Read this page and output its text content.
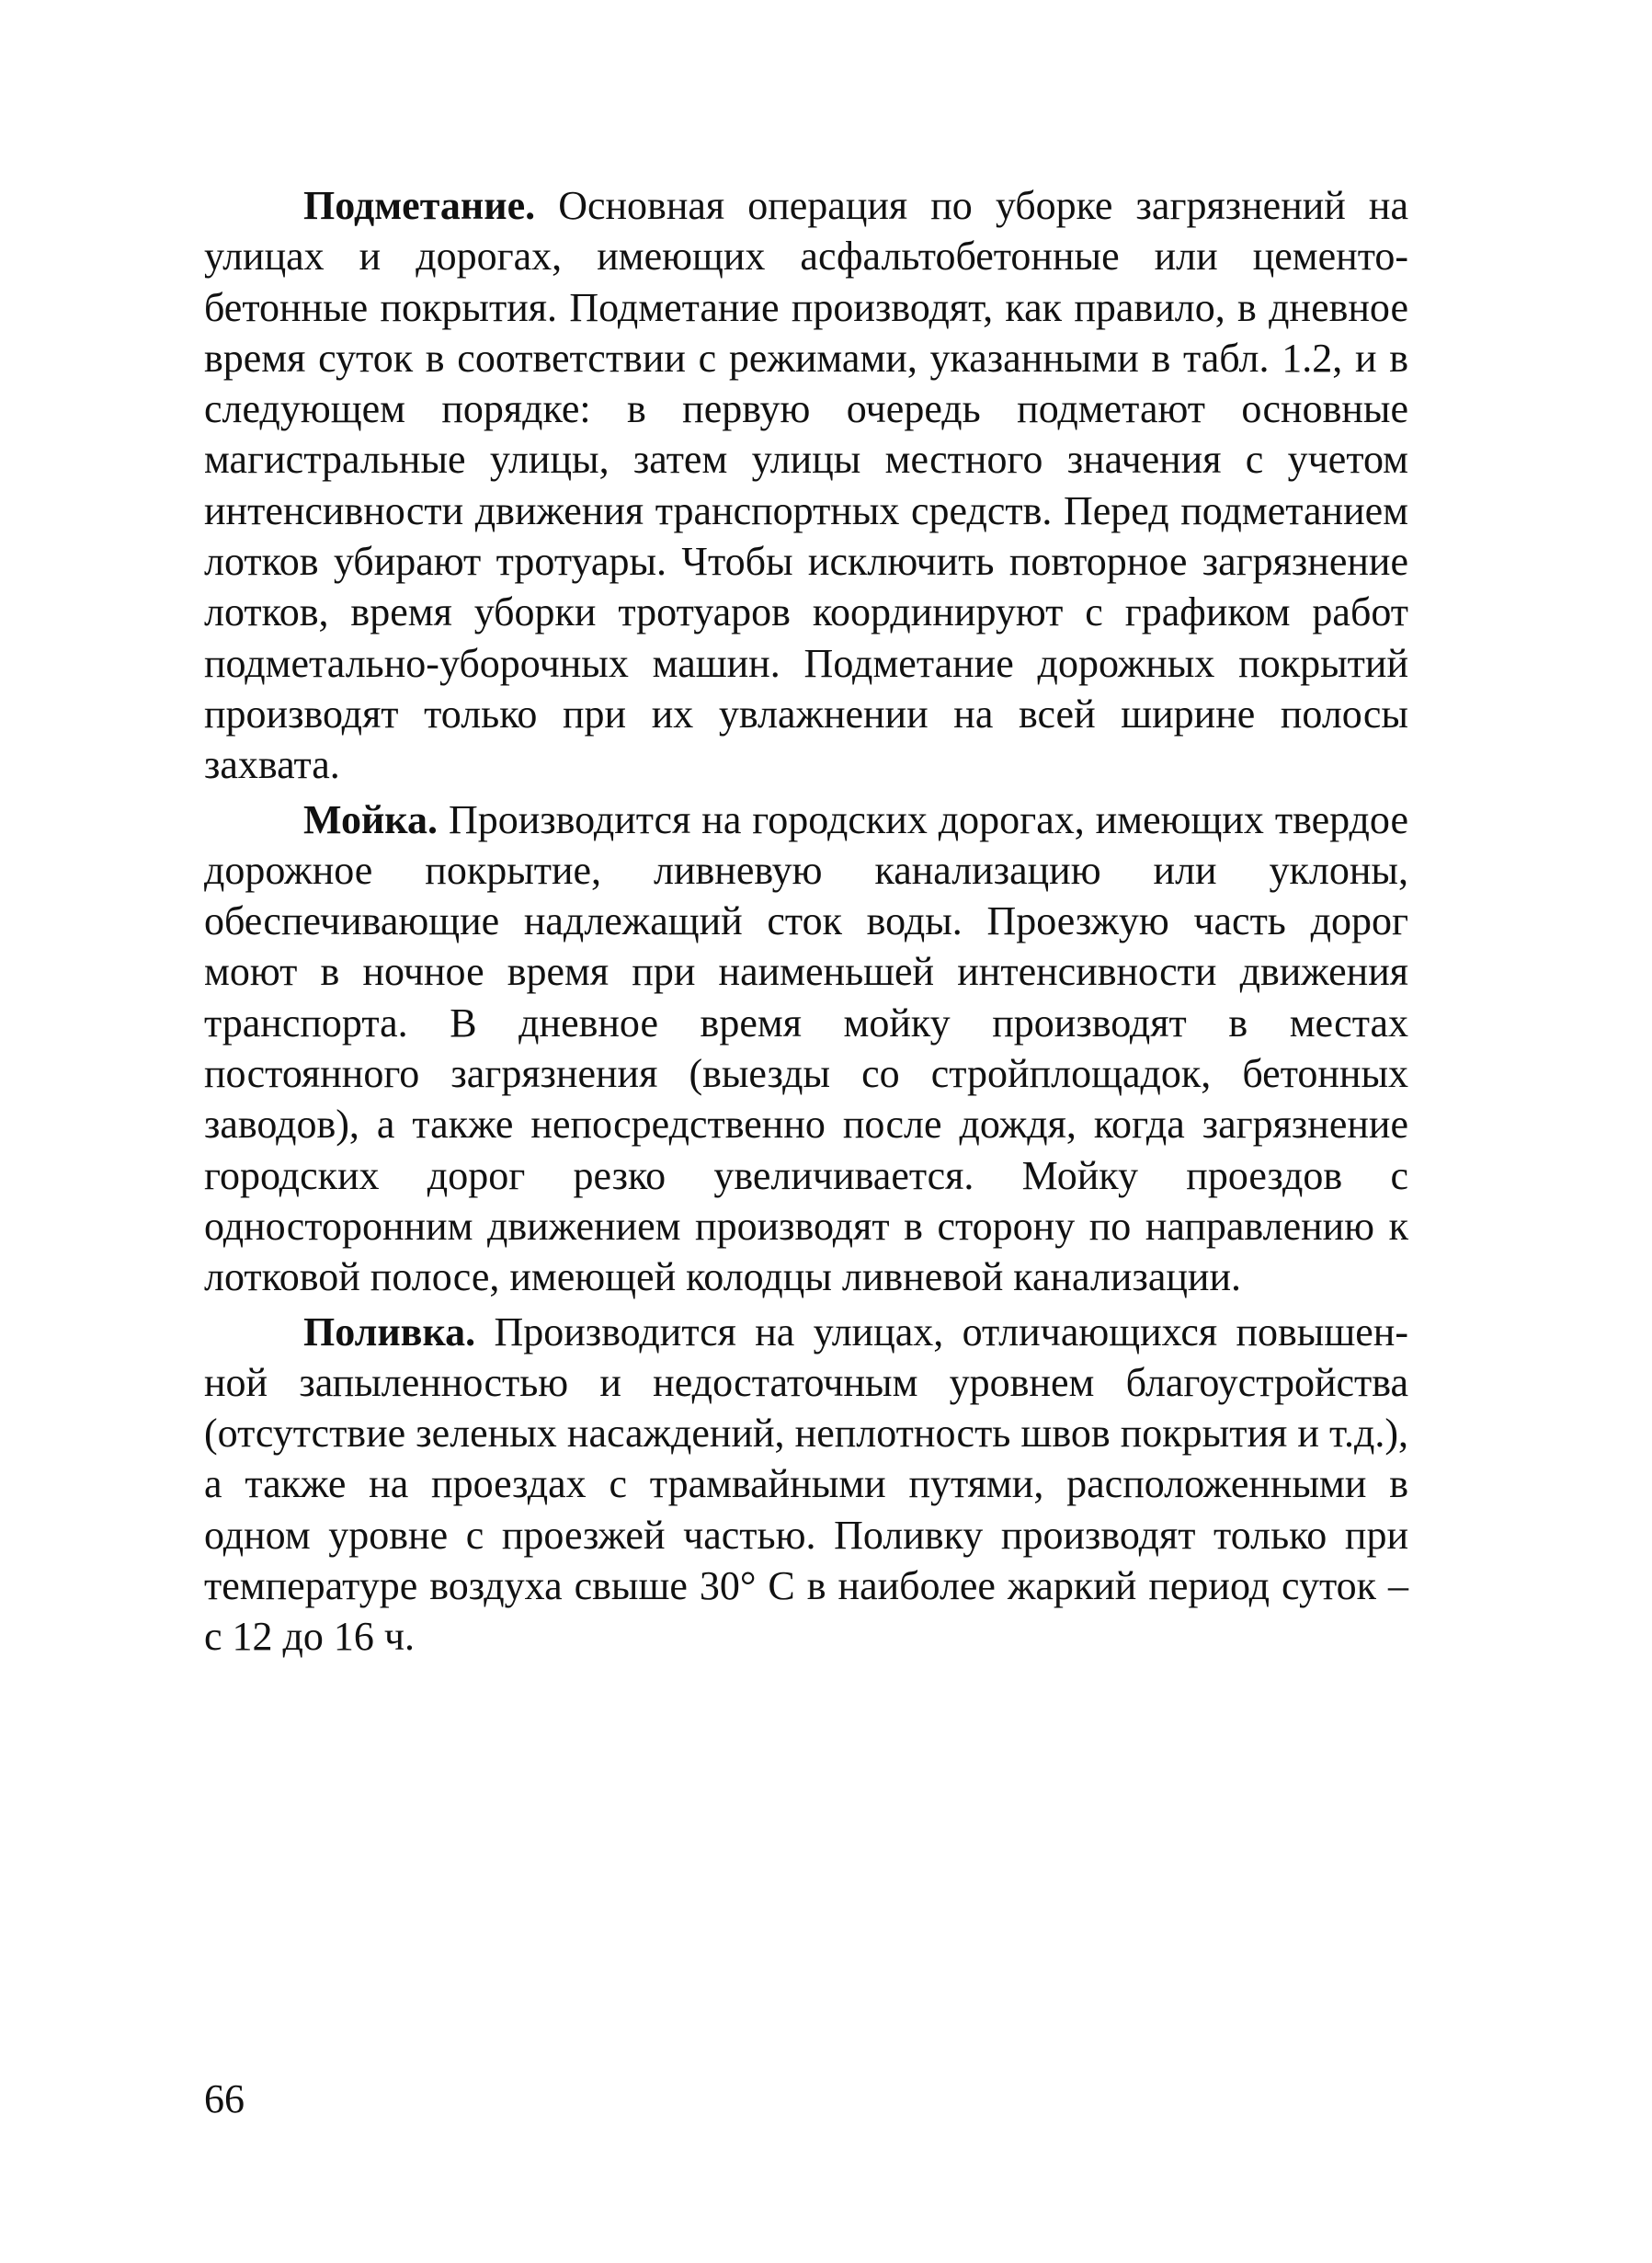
Подметание. Основная операция по уборке загрязнений на улицах и дорогах, имеющих асфальтобетонные или цементобетонные покрытия. Подметание производят, как правило, в дневное время суток в соответствии с режимами, указанными в табл. 1.2, и в следующем порядке: в первую очередь подметают основные магистральные улицы, затем улицы местного значения с учетом интенсивности движения транспортных средств. Перед подметанием лотков убирают тротуары. Чтобы исключить повторное загрязнение лотков, время уборки тротуаров координируют с графиком работ подметально-уборочных машин. Подметание дорожных покрытий производят только при их увлажнении на всей ширине полосы захвата.

Мойка. Производится на городских дорогах, имеющих твердое дорожное покрытие, ливневую канализацию или уклоны, обеспечивающие надлежащий сток воды. Проезжую часть дорог моют в ночное время при наименьшей интенсивности движения транспорта. В дневное время мойку производят в местах постоянного загрязнения (выезды со стройплощадок, бетонных заводов), а также непосредственно после дождя, когда загрязнение городских дорог резко увеличивается. Мойку проездов с односторонним движением производят в сторону по направлению к лотковой полосе, имеющей колодцы ливневой канализации.

Поливка. Производится на улицах, отличающихся повышенной запыленностью и недостаточным уровнем благоустройства (отсутствие зеленых насаждений, неплотность швов покрытия и т.д.), а также на проездах с трамвайными путями, расположенными в одном уровне с проезжей частью. Поливку производят только при температуре воздуха свыше 30° С в наиболее жаркий период суток – с 12 до 16 ч.

66
